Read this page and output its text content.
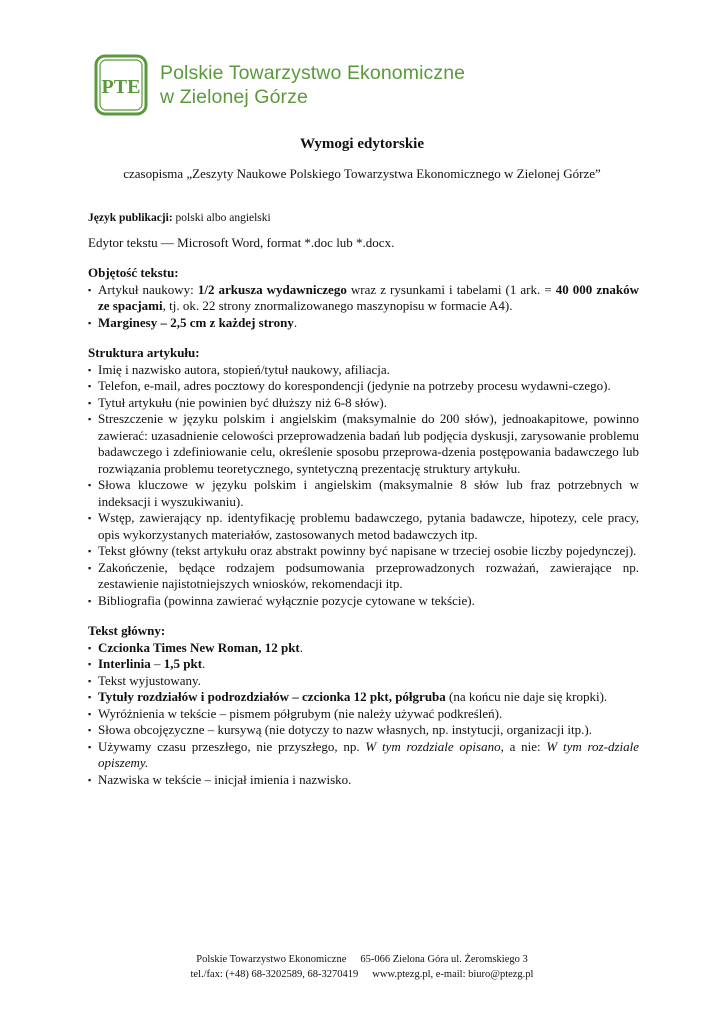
PTE
Polskie Towarzystwo Ekonomiczne
w Zielonej Górze
Wymogi edytorskie
czasopisma „Zeszyty Naukowe Polskiego Towarzystwa Ekonomicznego w Zielonej Górze”

Język publikacji: polski albo angielski

Edytor tekstu — Microsoft Word, format *.doc lub *.docx.

Objętość tekstu:
▪ Artykuł naukowy: 1/2 arkusza wydawniczego wraz z rysunkami i tabelami (1 ark. = 40 000 znaków ze spacjami, tj. ok. 22 strony znormalizowanego maszynopisu w formacie A4).
▪ Marginesy – 2,5 cm z każdej strony.
Struktura artykułu:
▪ Imię i nazwisko autora, stopień/tytuł naukowy, afiliacja.
▪ Telefon, e-mail, adres pocztowy do korespondencji (jedynie na potrzeby procesu wydawni-czego).
▪ Tytuł artykułu (nie powinien być dłuższy niż 6-8 słów).
▪ Streszczenie w języku polskim i angielskim (maksymalnie do 200 słów), jednoakapitowe, powinno zawierać: uzasadnienie celowości przeprowadzenia badań lub podjęcia dyskusji, zarysowanie problemu badawczego i zdefiniowanie celu, określenie sposobu przeprowa-dzenia postępowania badawczego lub rozwiązania problemu teoretycznego, syntetyczną prezentację struktury artykułu.
▪ Słowa kluczowe w języku polskim i angielskim (maksymalnie 8 słów lub fraz potrzebnych w indeksacji i wyszukiwaniu).
▪ Wstęp, zawierający np. identyfikację problemu badawczego, pytania badawcze, hipotezy, cele pracy, opis wykorzystanych materiałów, zastosowanych metod badawczych itp.
▪ Tekst główny (tekst artykułu oraz abstrakt powinny być napisane w trzeciej osobie liczby pojedynczej).
▪ Zakończenie, będące rodzajem podsumowania przeprowadzonych rozważań, zawierające np. zestawienie najistotniejszych wniosków, rekomendacji itp.
▪ Bibliografia (powinna zawierać wyłącznie pozycje cytowane w tekście).
Tekst główny:
▪ Czcionka Times New Roman, 12 pkt.
▪ Interlinia – 1,5 pkt.
▪ Tekst wyjustowany.
▪ Tytuły rozdziałów i podrozdziałów – czcionka 12 pkt, półgruba (na końcu nie daje się kropki).
▪ Wyróżnienia w tekście – pismem półgrubym (nie należy używać podkreśleń).
▪ Słowa obcojęzyczne – kursywą (nie dotyczy to nazw własnych, np. instytucji, organizacji itp.).
▪ Używamy czasu przeszłego, nie przyszłego, np. W tym rozdziale opisano, a nie: W tym roz-dziale opiszemy.
▪ Nazwiska w tekście – inicjał imienia i nazwisko.
Polskie Towarzystwo Ekonomiczne 65-066 Zielona Góra ul. Żeromskiego 3
tel./fax: (+48) 68-3202589, 68-3270419 www.ptezg.pl, e-mail: biuro@ptezg.pl
